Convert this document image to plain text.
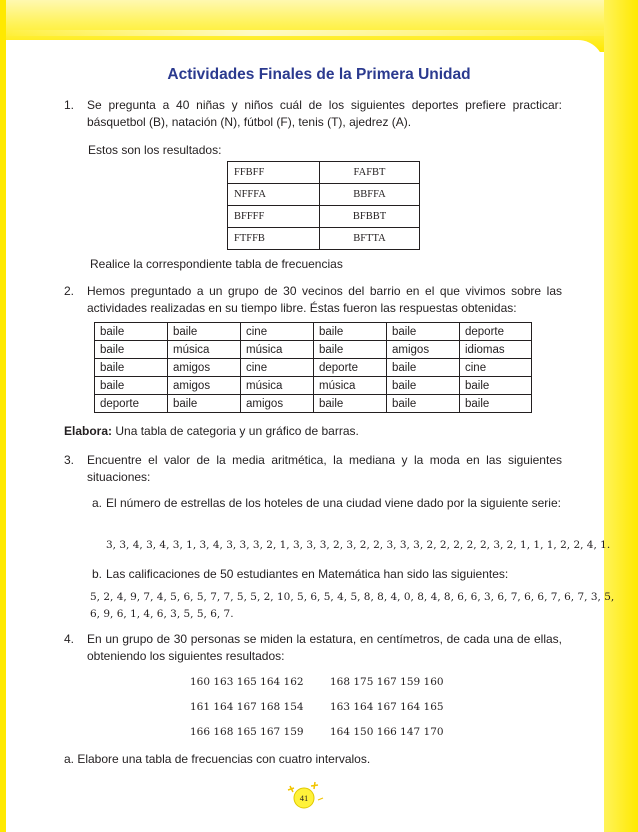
Actividades Finales de la Primera Unidad
1. Se pregunta a 40 niñas y niños cuál de los siguientes deportes prefiere practicar: básquetbol (B), natación (N), fútbol (F), tenis (T), ajedrez (A).
Estos son los resultados:
FFBFF	FAFBT
NFFFA	BBFFA
BFFFF	BFBBT
FTFFB	BFTTA
Realice la correspondiente tabla de frecuencias
2. Hemos preguntado a un grupo de 30 vecinos del barrio en el que vivimos sobre las actividades realizadas en su tiempo libre. Éstas fueron las respuestas obtenidas:
baile	baile	cine	baile	baile	deporte
baile	música	música	baile	amigos	idiomas
baile	amigos	cine	deporte	baile	cine
baile	amigos	música	música	baile	baile
deporte	baile	amigos	baile	baile	baile
Elabora: Una tabla de categoria y un gráfico de barras.
3. Encuentre el valor de la media aritmética, la mediana y la moda en las siguientes situaciones:
a. El número de estrellas de los hoteles de una ciudad viene dado por la siguiente serie:
3, 3, 4, 3, 4, 3, 1, 3, 4, 3, 3, 3, 2, 1, 3, 3, 3, 2, 3, 2, 2, 3, 3, 3, 2, 2, 2, 2, 2, 3, 2, 1, 1, 1, 2, 2, 4, 1.
b. Las calificaciones de 50 estudiantes en Matemática han sido las siguientes:
5, 2, 4, 9, 7, 4, 5, 6, 5, 7, 7, 5, 5, 2, 10, 5, 6, 5, 4, 5, 8, 8, 4, 0, 8, 4, 8, 6, 6, 3, 6, 7, 6, 6, 7, 6, 7, 3, 5,
6, 9, 6, 1, 4, 6, 3, 5, 5, 6, 7.
4. En un grupo de 30 personas se miden la estatura, en centímetros, de cada una de ellas, obteniendo los siguientes resultados:
160 163 165 164 162	168 175 167 159 160
161 164 167 168 154	163 164 167 164 165
166 168 165 167 159	164 150 166 147 170
a. Elabore una tabla de frecuencias con cuatro intervalos.
41
